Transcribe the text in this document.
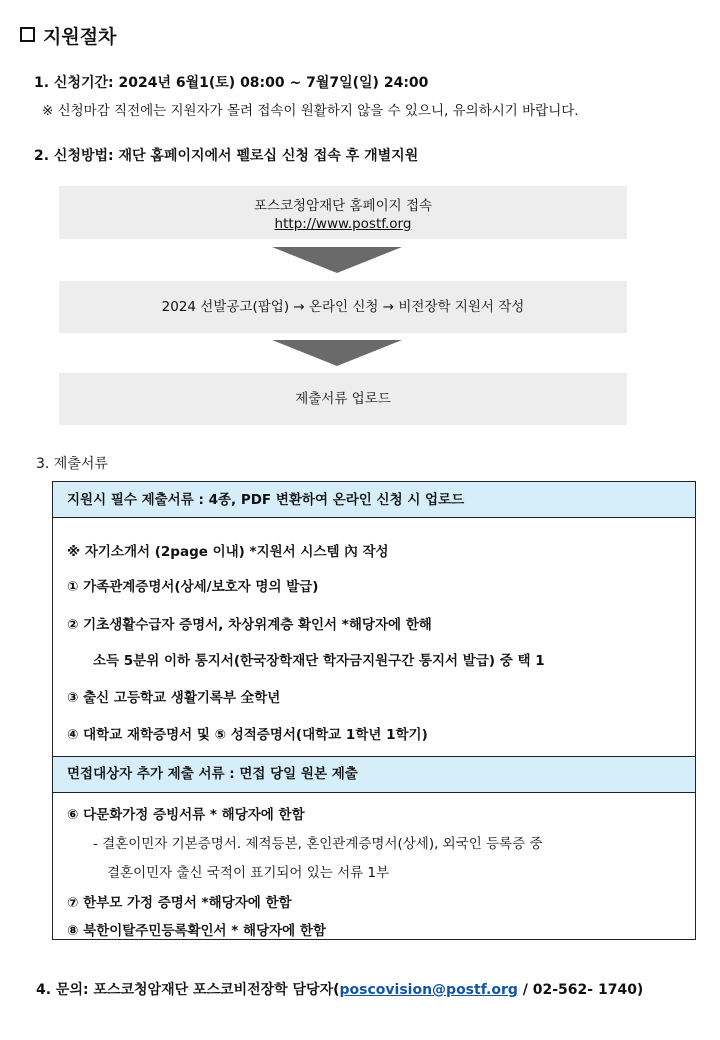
지원절차
1. 신청기간: 2024년 6월1(토) 08:00 ~ 7월7일(일) 24:00
※ 신청마감 직전에는 지원자가 몰려 접속이 원활하지 않을 수 있으니, 유의하시기 바랍니다.
2. 신청방법: 재단 홈페이지에서 펠로십 신청 접속 후 개별지원
포스코청암재단 홈페이지 접속
http://www.postf.org
2024 선발공고(팝업) → 온라인 신청 → 비전장학 지원서 작성
제출서류 업로드
3. 제출서류
지원시 필수 제출서류 : 4종, PDF 변환하여 온라인 신청 시 업로드
※ 자기소개서 (2page 이내) *지원서 시스템 內 작성
① 가족관계증명서(상세/보호자 명의 발급)
② 기초생활수급자 증명서, 차상위계층 확인서 *해당자에 한해
소득 5분위 이하 통지서(한국장학재단 학자금지원구간 통지서 발급) 중 택 1
③ 출신 고등학교 생활기록부 全학년
④ 대학교 재학증명서 및 ⑤ 성적증명서(대학교 1학년 1학기)
면접대상자 추가 제출 서류 : 면접 당일 원본 제출
⑥ 다문화가정 증빙서류 * 해당자에 한함
- 결혼이민자 기본증명서. 제적등본, 혼인관계증명서(상세), 외국인 등록증 중
결혼이민자 출신 국적이 표기되어 있는 서류 1부
⑦ 한부모 가정 증명서 *해당자에 한함
⑧ 북한이탈주민등록확인서 * 해당자에 한함
4. 문의: 포스코청암재단 포스코비전장학 담당자(poscovision@postf.org / 02-562- 1740)
